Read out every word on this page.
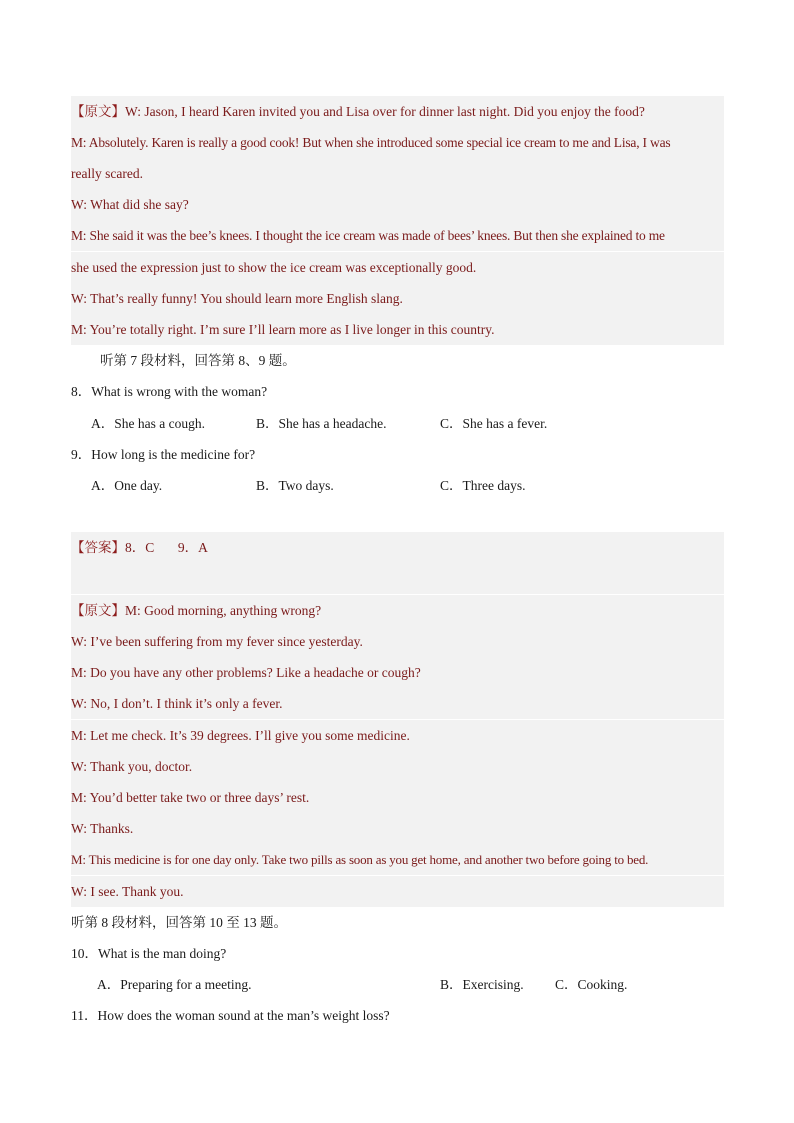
【原文】W: Jason, I heard Karen invited you and Lisa over for dinner last night. Did you enjoy the food?
M: Absolutely. Karen is really a good cook! But when she introduced some special ice cream to me and Lisa, I was
really scared.
W: What did she say?
M: She said it was the bee’s knees. I thought the ice cream was made of bees’ knees. But then she explained to me
she used the expression just to show the ice cream was exceptionally good.
W: That’s really funny! You should learn more English slang.
M: You’re totally right. I’m sure I’ll learn more as I live longer in this country.
听第 7 段材料，回答第 8、9 题。
8．What is wrong with the woman?
A．She has a cough.	B．She has a headache.	C．She has a fever.
9．How long is the medicine for?
A．One day.	B．Two days.	C．Three days.
【答案】8．C       9．A
【原文】M: Good morning, anything wrong?
W: I’ve been suffering from my fever since yesterday.
M: Do you have any other problems? Like a headache or cough?
W: No, I don’t. I think it’s only a fever.
M: Let me check. It’s 39 degrees. I’ll give you some medicine.
W: Thank you, doctor.
M: You’d better take two or three days’ rest.
W: Thanks.
M: This medicine is for one day only. Take two pills as soon as you get home, and another two before going to bed.
W: I see. Thank you.
听第 8 段材料，回答第 10 至 13 题。
10．What is the man doing?
A．Preparing for a meeting.	B．Exercising. C．Cooking.
11．How does the woman sound at the man’s weight loss?
